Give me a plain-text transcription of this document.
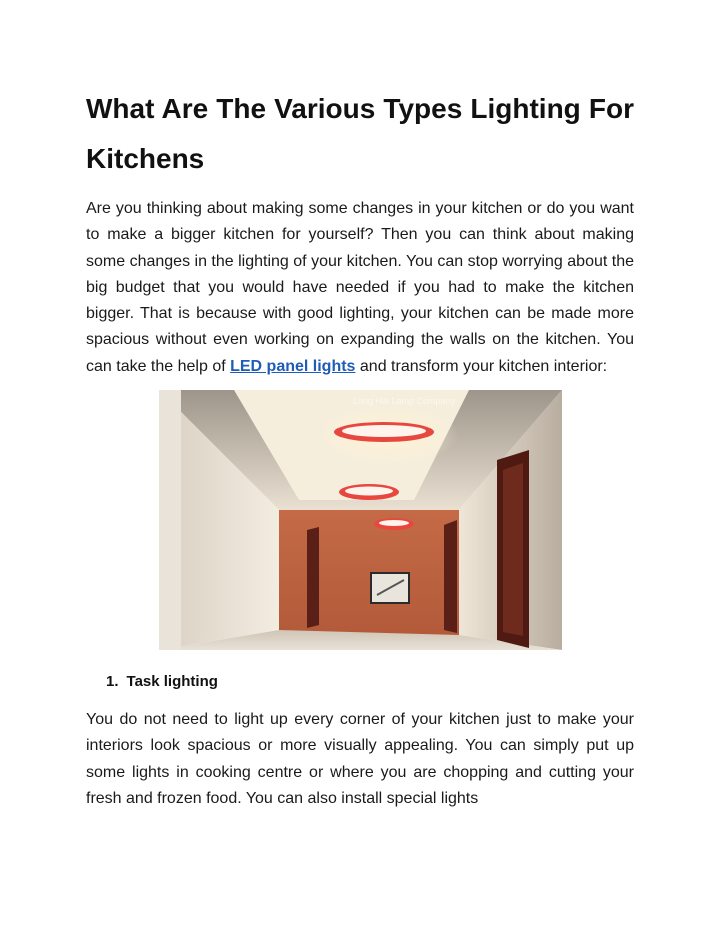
What Are The Various Types Lighting For Kitchens

Are you thinking about making some changes in your kitchen or do you want to make a bigger kitchen for yourself? Then you can think about making some changes in the lighting of your kitchen. You can stop worrying about the big budget that you would have needed if you had to make the kitchen bigger. That is because with good lighting, your kitchen can be made more spacious without even working on expanding the walls on the kitchen. You can take the help of LED panel lights and transform your kitchen interior:

Long Hai Lamp Company
1. Task lighting

You do not need to light up every corner of your kitchen just to make your interiors look spacious or more visually appealing. You can simply put up some lights in cooking centre or where you are chopping and cutting your fresh and frozen food. You can also install special lights
